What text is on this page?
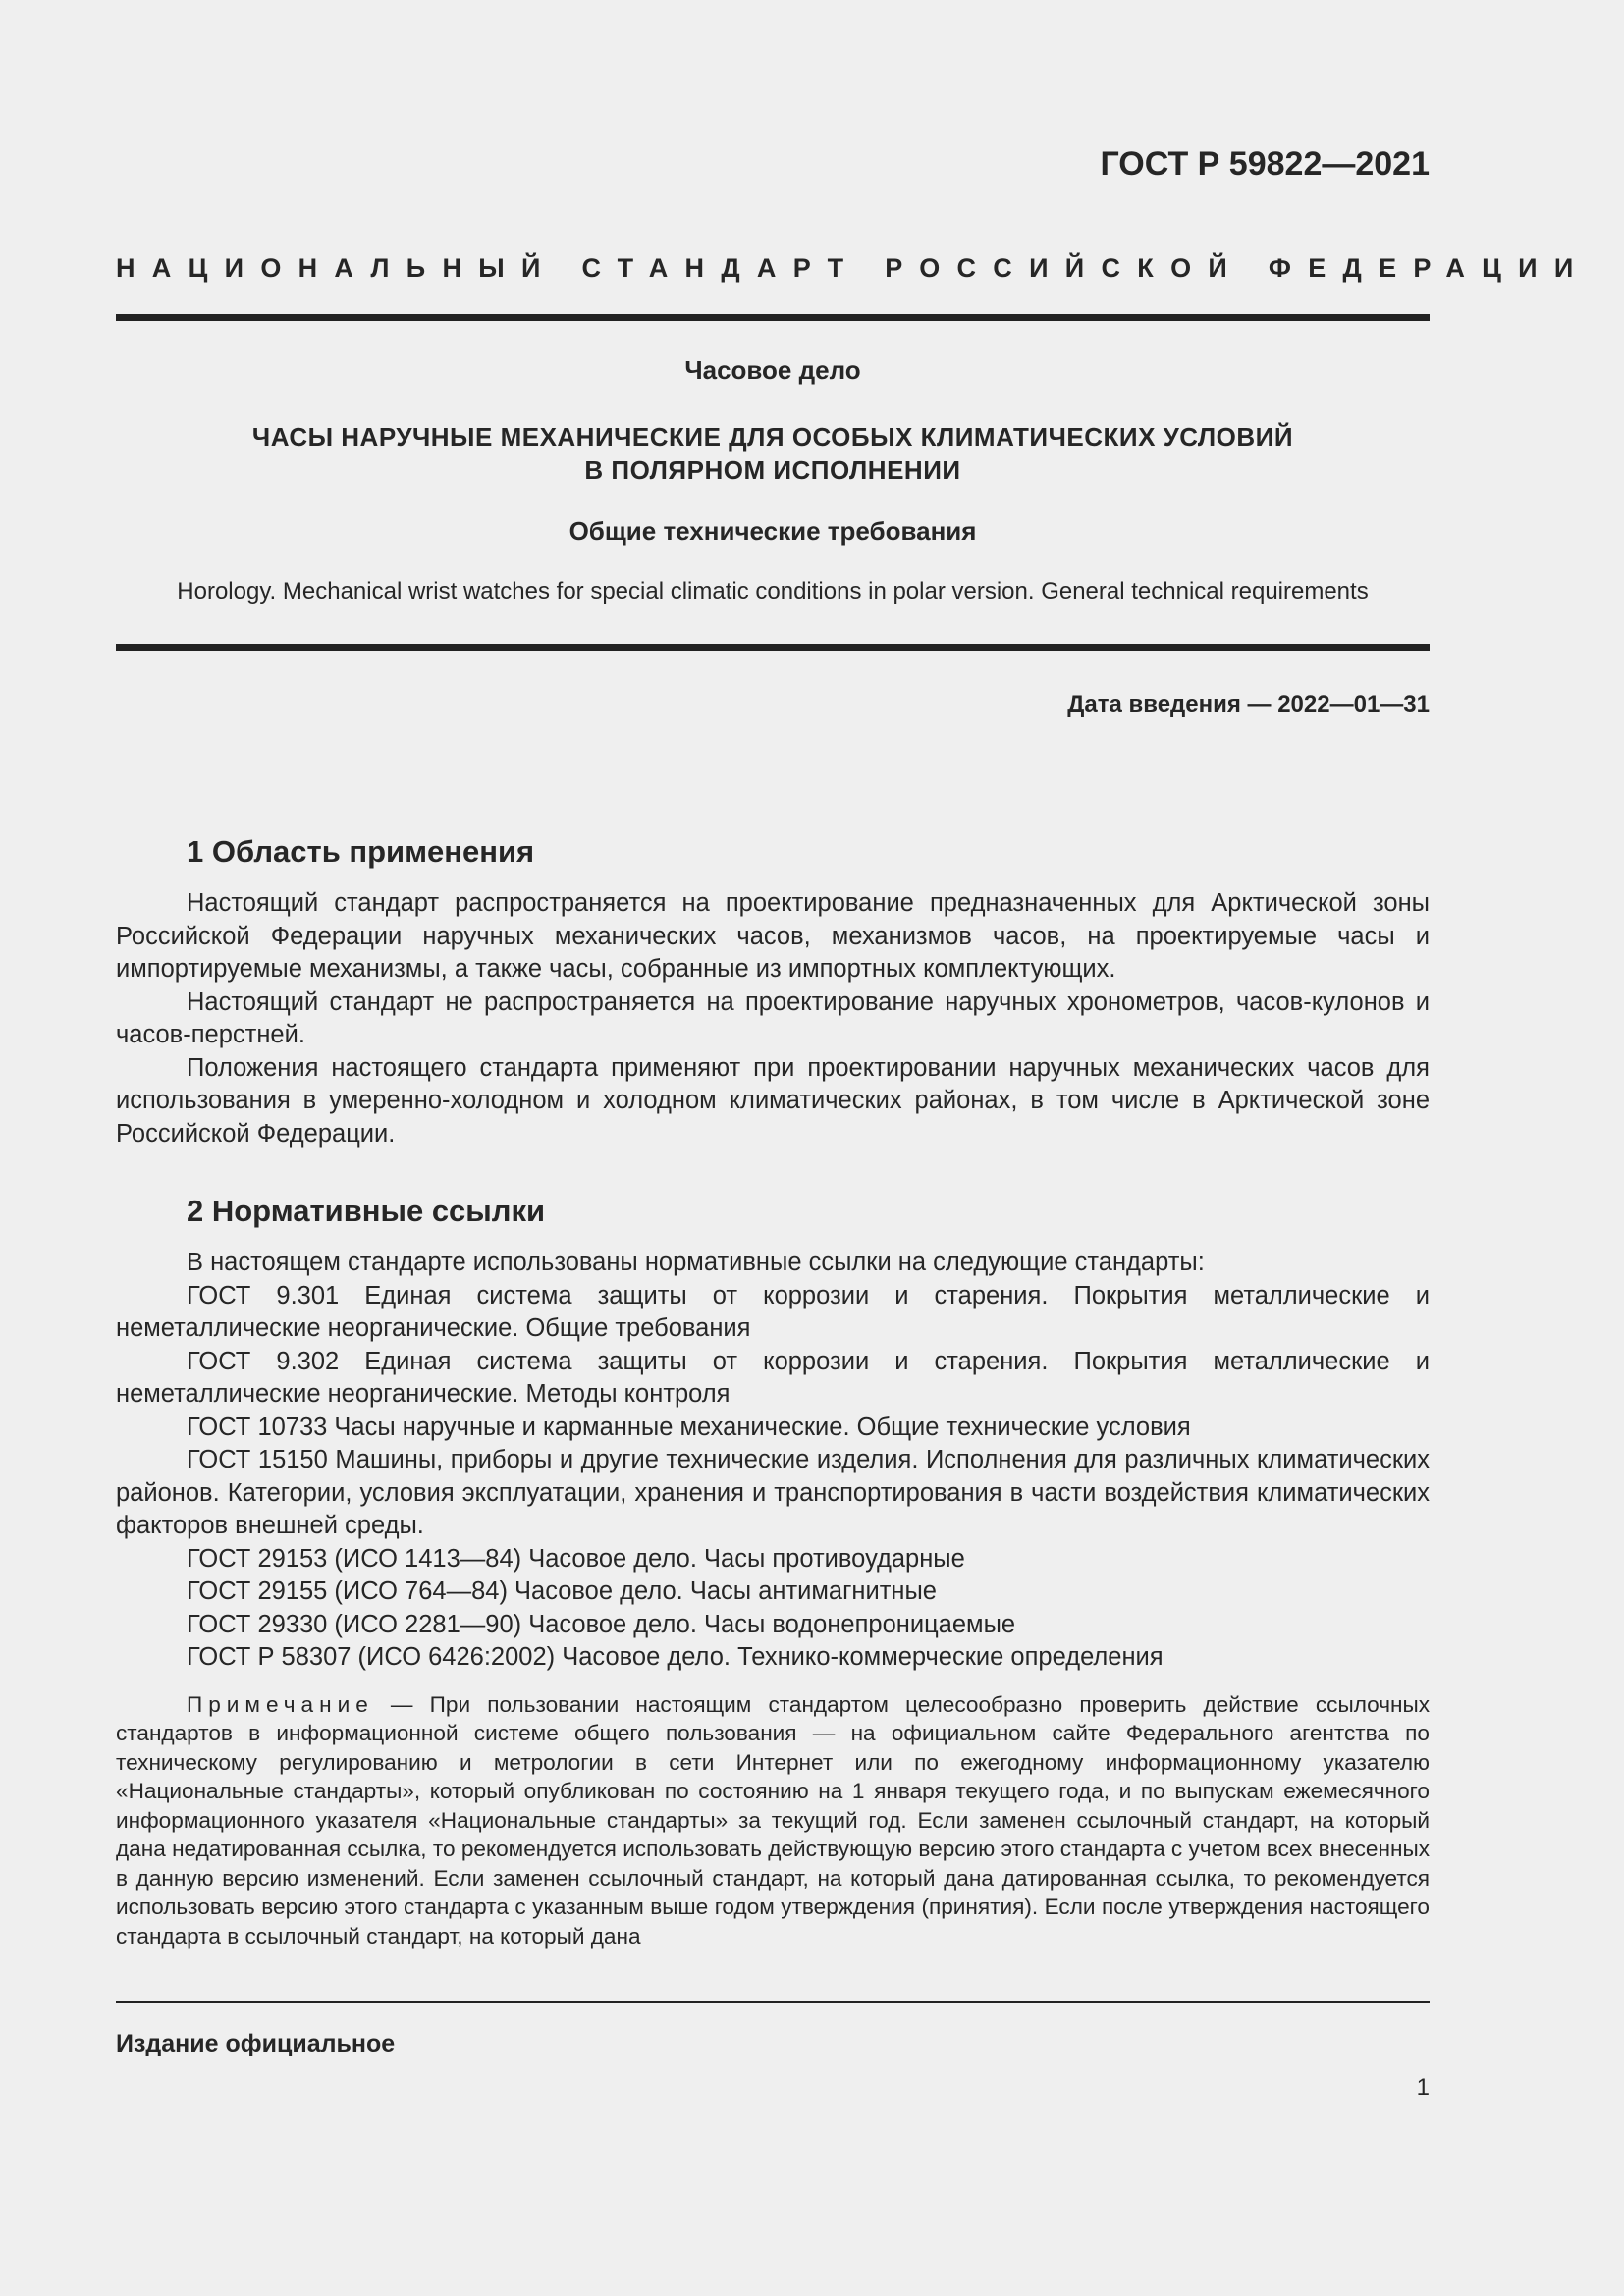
ГОСТ Р 59822—2021

НАЦИОНАЛЬНЫЙ СТАНДАРТ РОССИЙСКОЙ ФЕДЕРАЦИИ

Часовое дело

ЧАСЫ НАРУЧНЫЕ МЕХАНИЧЕСКИЕ ДЛЯ ОСОБЫХ КЛИМАТИЧЕСКИХ УСЛОВИЙ
В ПОЛЯРНОМ ИСПОЛНЕНИИ

Общие технические требования

Horology. Mechanical wrist watches for special climatic conditions in polar version. General technical requirements

Дата введения — 2022—01—31

1 Область применения

Настоящий стандарт распространяется на проектирование предназначенных для Арктической зоны Российской Федерации наручных механических часов, механизмов часов, на проектируемые часы и импортируемые механизмы, а также часы, собранные из импортных комплектующих.

Настоящий стандарт не распространяется на проектирование наручных хронометров, часов-кулонов и часов-перстней.

Положения настоящего стандарта применяют при проектировании наручных механических часов для использования в умеренно-холодном и холодном климатических районах, в том числе в Арктической зоне Российской Федерации.

2 Нормативные ссылки

В настоящем стандарте использованы нормативные ссылки на следующие стандарты:

ГОСТ 9.301 Единая система защиты от коррозии и старения. Покрытия металлические и неметаллические неорганические. Общие требования

ГОСТ 9.302 Единая система защиты от коррозии и старения. Покрытия металлические и неметаллические неорганические. Методы контроля

ГОСТ 10733 Часы наручные и карманные механические. Общие технические условия

ГОСТ 15150 Машины, приборы и другие технические изделия. Исполнения для различных климатических районов. Категории, условия эксплуатации, хранения и транспортирования в части воздействия климатических факторов внешней среды.

ГОСТ 29153 (ИСО 1413—84) Часовое дело. Часы противоударные

ГОСТ 29155 (ИСО 764—84) Часовое дело. Часы антимагнитные

ГОСТ 29330 (ИСО 2281—90) Часовое дело. Часы водонепроницаемые

ГОСТ Р 58307 (ИСО 6426:2002) Часовое дело. Технико-коммерческие определения

Примечание — При пользовании настоящим стандартом целесообразно проверить действие ссылочных стандартов в информационной системе общего пользования — на официальном сайте Федерального агентства по техническому регулированию и метрологии в сети Интернет или по ежегодному информационному указателю «Национальные стандарты», который опубликован по состоянию на 1 января текущего года, и по выпускам ежемесячного информационного указателя «Национальные стандарты» за текущий год. Если заменен ссылочный стандарт, на который дана недатированная ссылка, то рекомендуется использовать действующую версию этого стандарта с учетом всех внесенных в данную версию изменений. Если заменен ссылочный стандарт, на который дана датированная ссылка, то рекомендуется использовать версию этого стандарта с указанным выше годом утверждения (принятия). Если после утверждения настоящего стандарта в ссылочный стандарт, на который дана

Издание официальное

1
